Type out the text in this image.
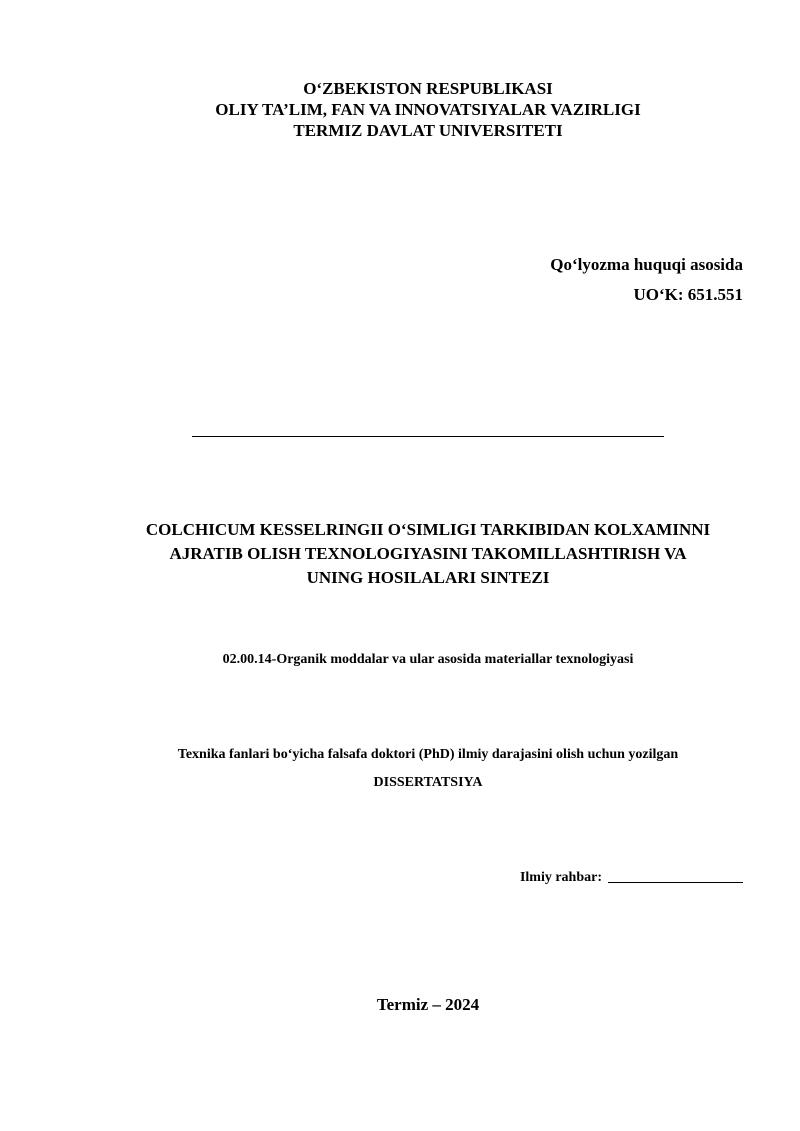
O‘ZBEKISTON RESPUBLIKASI
OLIY TA’LIM, FAN VA INNOVATSIYALAR VAZIRLIGI
TERMIZ DAVLAT UNIVERSITETI
Qo‘lyozma huquqi asosida
UO‘K: 651.551
COLCHICUM KESSELRINGII O‘SIMLIGI TARKIBIDAN KOLXAMINNI
AJRATIB OLISH TEXNOLOGIYASINI TAKOMILLASHTIRISH VA
UNING HOSILALARI SINTEZI
02.00.14-Organik moddalar va ular asosida materiallar texnologiyasi
Texnika fanlari bo‘yicha falsafa doktori (PhD) ilmiy darajasini olish uchun yozilgan
DISSERTATSIYA
Ilmiy rahbar:
Termiz – 2024
